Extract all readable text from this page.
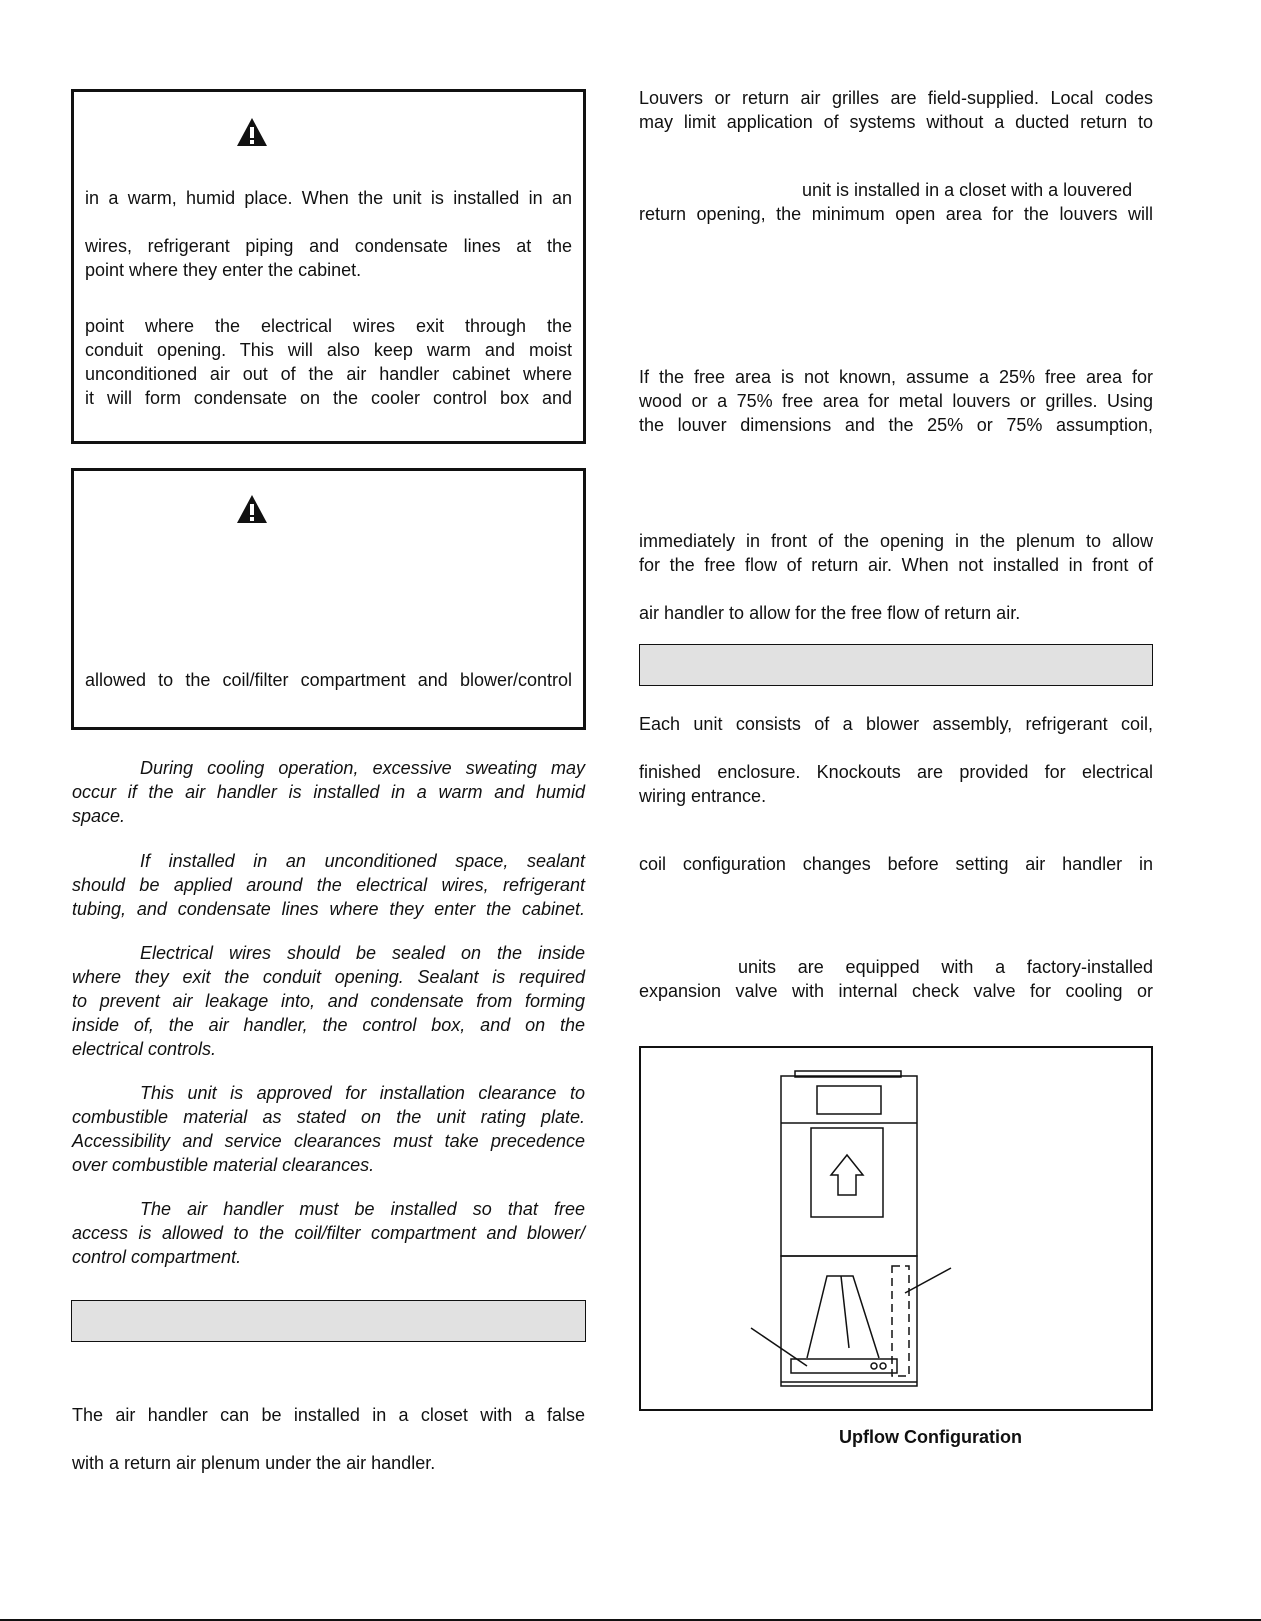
in a warm, humid place. When the unit is installed in an

wires, refrigerant piping and condensate lines at the

point where they enter the cabinet.

point where the electrical wires exit through the

conduit opening. This will also keep warm and moist

unconditioned air out of the air handler cabinet where

it will form condensate on the cooler control box and

allowed to the coil/filter compartment and blower/control

During cooling operation, excessive sweating may

occur if the air handler is installed in a warm and humid

space.

If installed in an unconditioned space, sealant

should be applied around the electrical wires, refrigerant

tubing, and condensate lines where they enter the cabinet.

Electrical wires should be sealed on the inside

where they exit the conduit opening. Sealant is required

to prevent air leakage into, and condensate from forming

inside of, the air handler, the control box, and on the

electrical controls.

This unit is approved for installation clearance to

combustible material as stated on the unit rating plate.

Accessibility and service clearances must take precedence

over combustible material clearances.

The air handler must be installed so that free

access is allowed to the coil/filter compartment and blower/

control compartment.

The air handler can be installed in a closet with a false

with a return air plenum under the air handler.

Louvers or return air grilles are field-supplied. Local codes

may limit application of systems without a ducted return to

unit is installed in a closet with a louvered

return opening, the minimum open area for the louvers will

If the free area is not known, assume a 25% free area for

wood or a 75% free area for metal louvers or grilles. Using

the louver dimensions and the 25% or 75% assumption,

immediately in front of the opening in the plenum to allow

for the free flow of return air. When not installed in front of

air handler to allow for the free flow of return air.

Each unit consists of a blower assembly, refrigerant coil,

finished enclosure. Knockouts are provided for electrical

wiring entrance.

coil configuration changes before setting air handler in

units are equipped with a factory-installed

expansion valve with internal check valve for cooling or

Upflow Configuration
